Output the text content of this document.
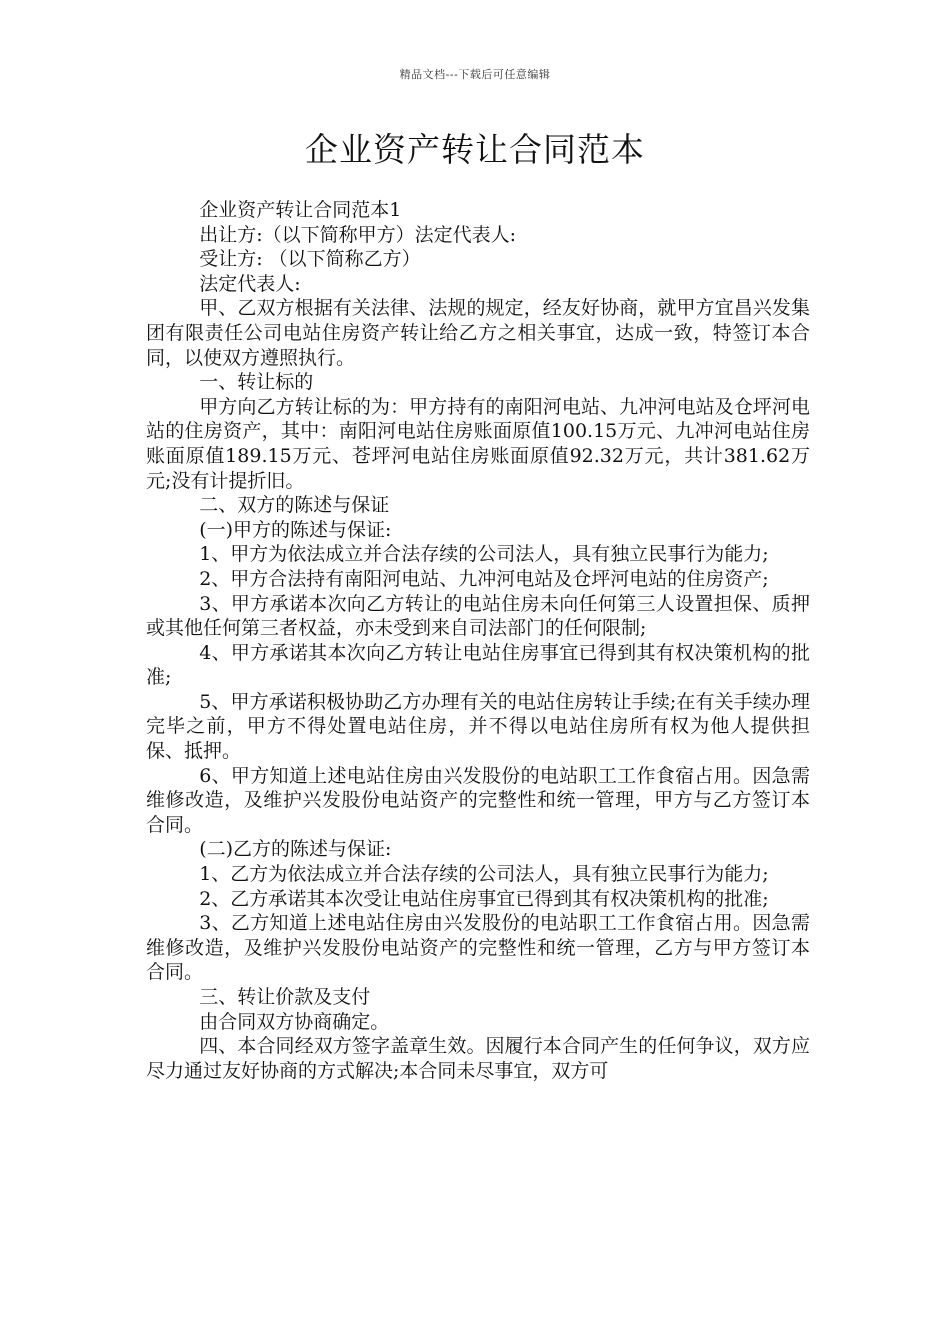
精品文档---下载后可任意编辑
企业资产转让合同范本

企业资产转让合同范本1

出让方:（以下简称甲方）法定代表人:

受让方: （以下简称乙方）

法定代表人:

甲、乙双方根据有关法律、法规的规定，经友好协商，就甲方宜昌兴发集团有限责任公司电站住房资产转让给乙方之相关事宜，达成一致，特签订本合同，以使双方遵照执行。

一、转让标的

甲方向乙方转让标的为：甲方持有的南阳河电站、九冲河电站及仓坪河电站的住房资产，其中：南阳河电站住房账面原值100.15万元、九冲河电站住房账面原值189.15万元、苍坪河电站住房账面原值92.32万元，共计381.62万元;没有计提折旧。

二、双方的陈述与保证

(一)甲方的陈述与保证:

1、甲方为依法成立并合法存续的公司法人，具有独立民事行为能力;

2、甲方合法持有南阳河电站、九冲河电站及仓坪河电站的住房资产;

3、甲方承诺本次向乙方转让的电站住房未向任何第三人设置担保、质押或其他任何第三者权益，亦未受到来自司法部门的任何限制;

4、甲方承诺其本次向乙方转让电站住房事宜已得到其有权决策机构的批准;

5、甲方承诺积极协助乙方办理有关的电站住房转让手续;在有关手续办理完毕之前，甲方不得处置电站住房，并不得以电站住房所有权为他人提供担保、抵押。

6、甲方知道上述电站住房由兴发股份的电站职工工作食宿占用。因急需维修改造，及维护兴发股份电站资产的完整性和统一管理，甲方与乙方签订本合同。

(二)乙方的陈述与保证:

1、乙方为依法成立并合法存续的公司法人，具有独立民事行为能力;

2、乙方承诺其本次受让电站住房事宜已得到其有权决策机构的批准;

3、乙方知道上述电站住房由兴发股份的电站职工工作食宿占用。因急需维修改造，及维护兴发股份电站资产的完整性和统一管理，乙方与甲方签订本合同。

三、转让价款及支付

由合同双方协商确定。

四、本合同经双方签字盖章生效。因履行本合同产生的任何争议，双方应尽力通过友好协商的方式解决;本合同未尽事宜，双方可
